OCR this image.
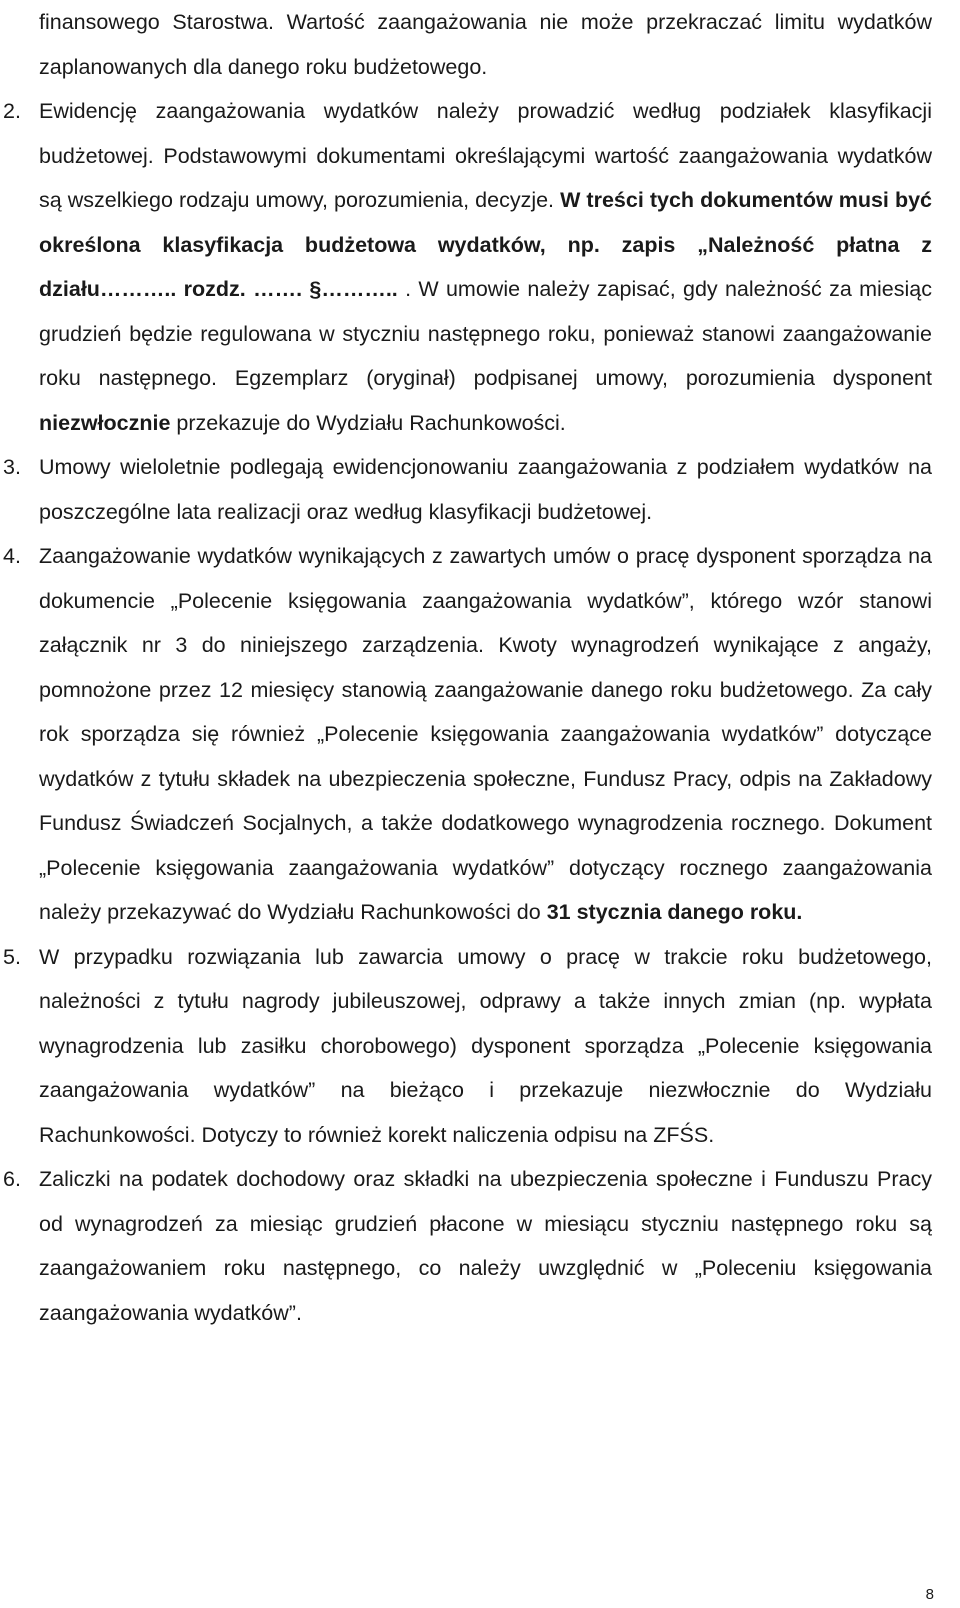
finansowego Starostwa. Wartość zaangażowania nie może przekraczać limitu wydatków zaplanowanych dla danego roku budżetowego.
2. Ewidencję zaangażowania wydatków należy prowadzić według podziałek klasyfikacji budżetowej. Podstawowymi dokumentami określającymi wartość zaangażowania wydatków są wszelkiego rodzaju umowy, porozumienia, decyzje. W treści tych dokumentów musi być określona klasyfikacja budżetowa wydatków, np. zapis „Należność płatna z działu……….. rozdz. ……. §……….. . W umowie należy zapisać, gdy należność za miesiąc grudzień będzie regulowana w styczniu następnego roku, ponieważ stanowi zaangażowanie roku następnego. Egzemplarz (oryginał) podpisanej umowy, porozumienia dysponent niezwłocznie przekazuje do Wydziału Rachunkowości.
3. Umowy wieloletnie podlegają ewidencjonowaniu zaangażowania z podziałem wydatków na poszczególne lata realizacji oraz według klasyfikacji budżetowej.
4. Zaangażowanie wydatków wynikających z zawartych umów o pracę dysponent sporządza na dokumencie „Polecenie księgowania zaangażowania wydatków”, którego wzór stanowi załącznik nr 3 do niniejszego zarządzenia. Kwoty wynagrodzeń wynikające z angaży, pomnożone przez 12 miesięcy stanowią zaangażowanie danego roku budżetowego. Za cały rok sporządza się również „Polecenie księgowania zaangażowania wydatków” dotyczące wydatków z tytułu składek na ubezpieczenia społeczne, Fundusz Pracy, odpis na Zakładowy Fundusz Świadczeń Socjalnych, a także dodatkowego wynagrodzenia rocznego. Dokument „Polecenie księgowania zaangażowania wydatków” dotyczący rocznego zaangażowania należy przekazywać do Wydziału Rachunkowości do 31 stycznia danego roku.
5. W przypadku rozwiązania lub zawarcia umowy o pracę w trakcie roku budżetowego, należności z tytułu nagrody jubileuszowej, odprawy a także innych zmian (np. wypłata wynagrodzenia lub zasiłku chorobowego) dysponent sporządza „Polecenie księgowania zaangażowania wydatków” na bieżąco i przekazuje niezwłocznie do Wydziału Rachunkowości. Dotyczy to również korekt naliczenia odpisu na ZFŚS.
6. Zaliczki na podatek dochodowy oraz składki na ubezpieczenia społeczne i Funduszu Pracy od wynagrodzeń za miesiąc grudzień płacone w miesiącu styczniu następnego roku są zaangażowaniem roku następnego, co należy uwzględnić w „Poleceniu księgowania zaangażowania wydatków”.
8
